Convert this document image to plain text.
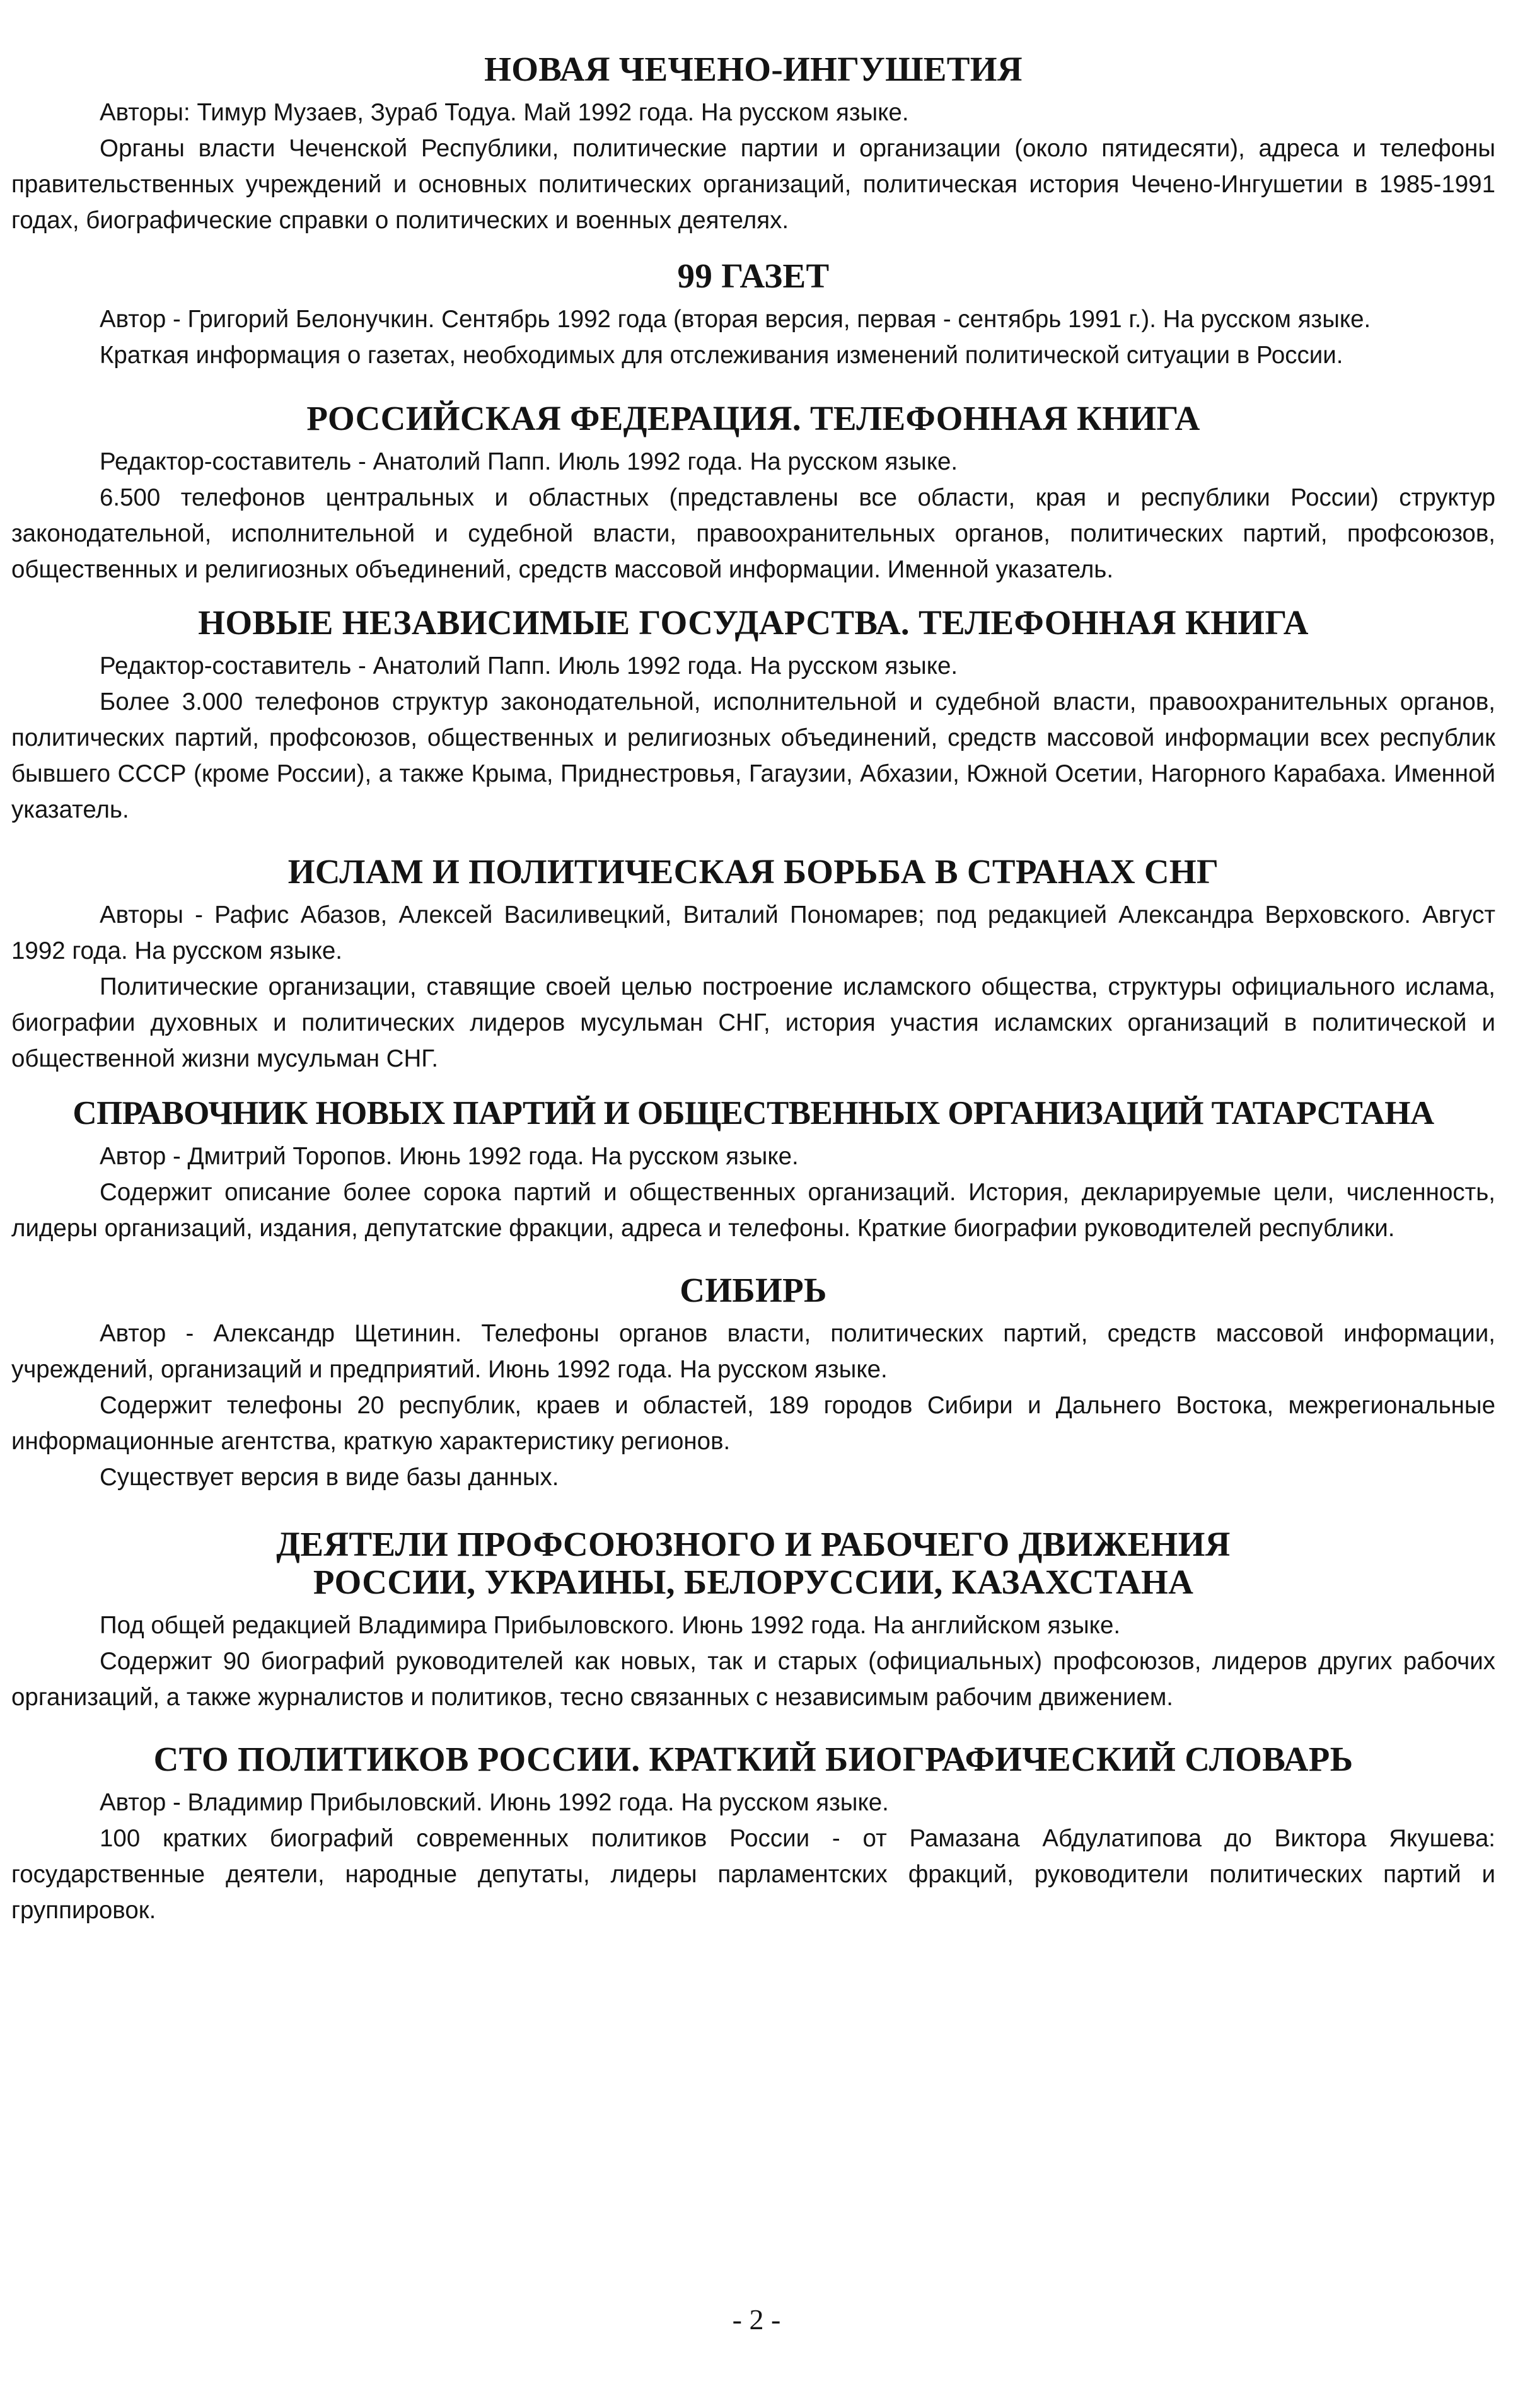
НОВАЯ ЧЕЧЕНО-ИНГУШЕТИЯ

Авторы: Тимур Музаев, Зураб Тодуа. Май 1992 года. На русском языке.

Органы власти Чеченской Республики, политические партии и организации (около пятидесяти), адреса и телефоны правительственных учреждений и основных политических организаций, политическая история Чечено-Ингушетии в 1985-1991 годах, биографические справки о политических и военных деятелях.

99 ГАЗЕТ

Автор - Григорий Белонучкин. Сентябрь 1992 года (вторая версия, первая - сентябрь 1991 г.). На русском языке.

Краткая информация о газетах, необходимых для отслеживания изменений политической ситуации в России.

РОССИЙСКАЯ ФЕДЕРАЦИЯ. ТЕЛЕФОННАЯ КНИГА

Редактор-составитель - Анатолий Папп. Июль 1992 года. На русском языке.

6.500 телефонов центральных и областных (представлены все области, края и республики России) структур законодательной, исполнительной и судебной власти, правоохранительных органов, политических партий, профсоюзов, общественных и религиозных объединений, средств массовой информации. Именной указатель.

НОВЫЕ НЕЗАВИСИМЫЕ ГОСУДАРСТВА. ТЕЛЕФОННАЯ КНИГА

Редактор-составитель - Анатолий Папп. Июль 1992 года. На русском языке.

Более 3.000 телефонов структур законодательной, исполнительной и судебной власти, правоохранительных органов, политических партий, профсоюзов, общественных и религиозных объединений, средств массовой информации всех республик бывшего СССР (кроме России), а также Крыма, Приднестровья, Гагаузии, Абхазии, Южной Осетии, Нагорного Карабаха. Именной указатель.

ИСЛАМ И ПОЛИТИЧЕСКАЯ БОРЬБА В СТРАНАХ СНГ

Авторы - Рафис Абазов, Алексей Василивецкий, Виталий Пономарев; под редакцией Александра Верховского. Август 1992 года. На русском языке.

Политические организации, ставящие своей целью построение исламского общества, структуры официального ислама, биографии духовных и политических лидеров мусульман СНГ, история участия исламских организаций в политической и общественной жизни мусульман СНГ.

СПРАВОЧНИК НОВЫХ ПАРТИЙ И ОБЩЕСТВЕННЫХ ОРГАНИЗАЦИЙ ТАТАРСТАНА

Автор - Дмитрий Торопов. Июнь 1992 года. На русском языке.

Содержит описание более сорока партий и общественных организаций. История, декларируемые цели, численность, лидеры организаций, издания, депутатские фракции, адреса и телефоны. Краткие биографии руководителей республики.

СИБИРЬ

Автор - Александр Щетинин. Телефоны органов власти, политических партий, средств массовой информации, учреждений, организаций и предприятий. Июнь 1992 года. На русском языке.

Содержит телефоны 20 республик, краев и областей, 189 городов Сибири и Дальнего Востока, межрегиональные информационные агентства, краткую характеристику регионов.

Существует версия в виде базы данных.

ДЕЯТЕЛИ ПРОФСОЮЗНОГО И РАБОЧЕГО ДВИЖЕНИЯ
РОССИИ, УКРАИНЫ, БЕЛОРУССИИ, КАЗАХСТАНА

Под общей редакцией Владимира Прибыловского. Июнь 1992 года. На английском языке.

Содержит 90 биографий руководителей как новых, так и старых (официальных) профсоюзов, лидеров других рабочих организаций, а также журналистов и политиков, тесно связанных с независимым рабочим движением.

СТО ПОЛИТИКОВ РОССИИ. КРАТКИЙ БИОГРАФИЧЕСКИЙ СЛОВАРЬ

Автор - Владимир Прибыловский. Июнь 1992 года. На русском языке.

100 кратких биографий современных политиков России - от Рамазана Абдулатипова до Виктора Якушева: государственные деятели, народные депутаты, лидеры парламентских фракций, руководители политических партий и группировок.

- 2 -
